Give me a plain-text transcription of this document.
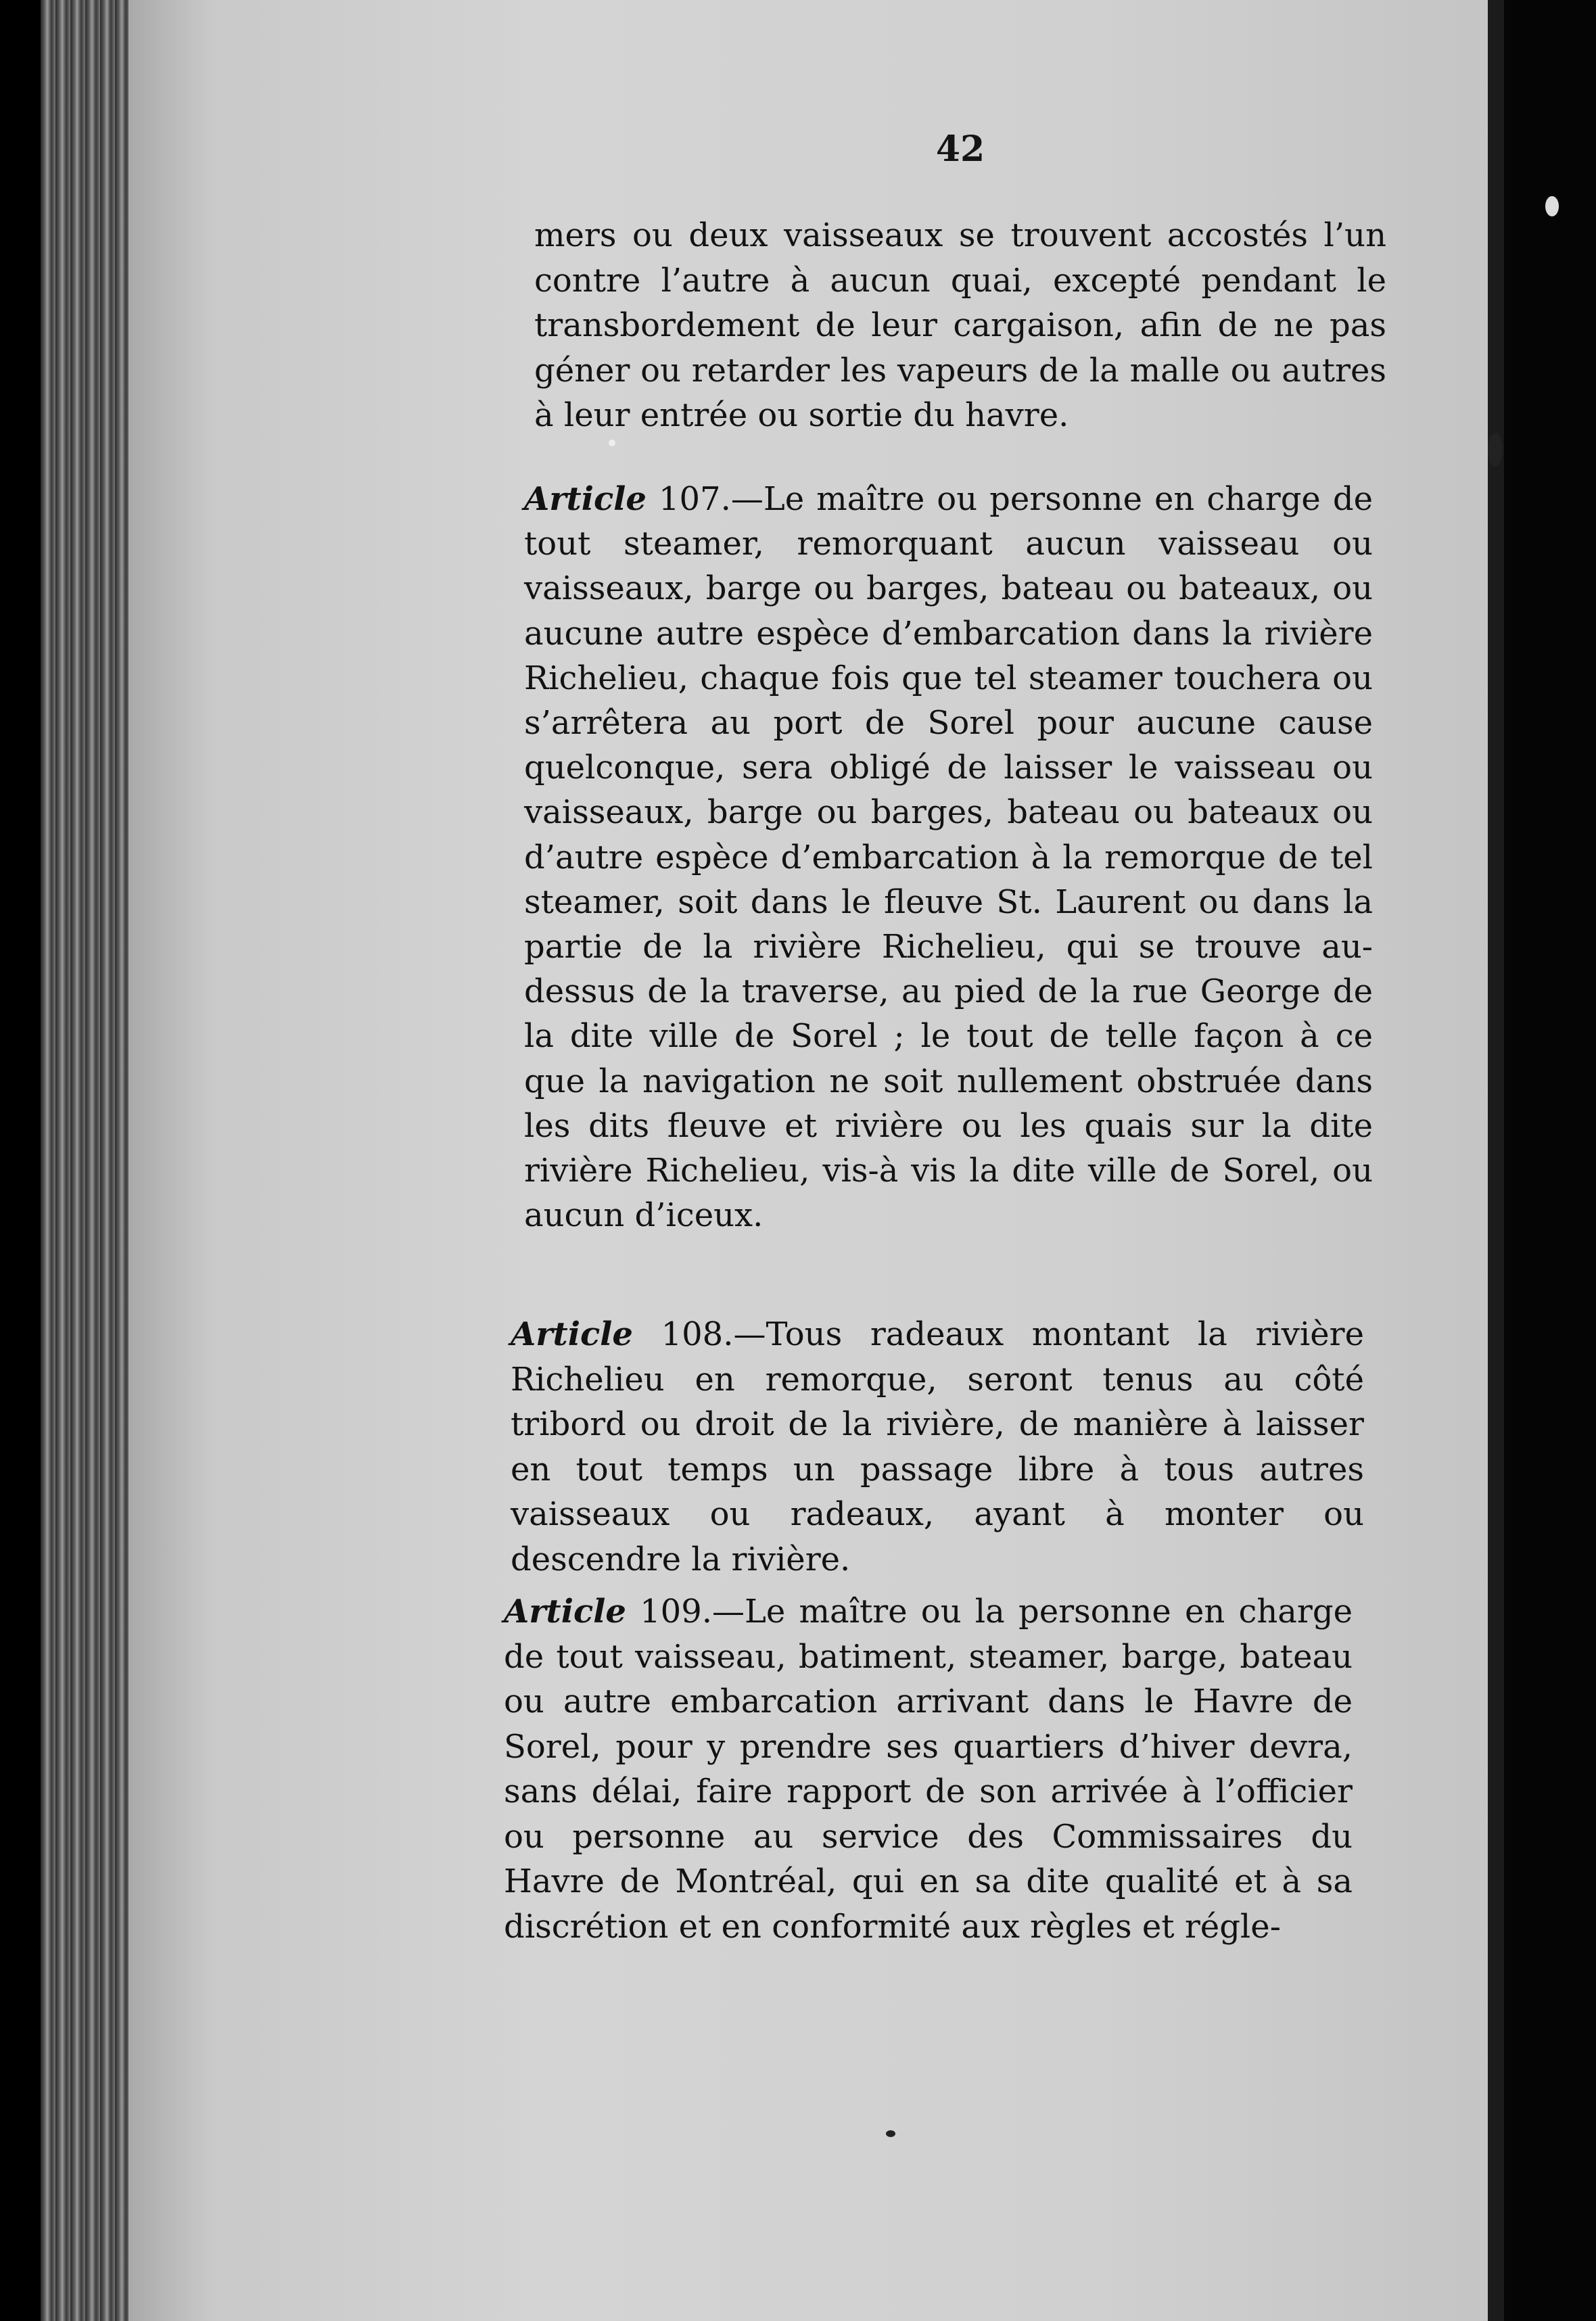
42

mers ou deux vaisseaux se trouvent accostés l’un contre l’autre à aucun quai, excepté pendant le transbordement de leur cargaison, afin de ne pas géner ou retarder les vapeurs de la malle ou autres à leur entrée ou sortie du havre.

Article 107.—Le maître ou personne en charge de tout steamer, remorquant aucun vaisseau ou vaisseaux, barge ou barges, bateau ou bateaux, ou aucune autre espèce d’embarcation dans la rivière Richelieu, chaque fois que tel steamer touchera ou s’arrêtera au port de Sorel pour aucune cause quelconque, sera obligé de laisser le vaisseau ou vaisseaux, barge ou barges, bateau ou bateaux ou d’autre espèce d’embarcation à la remorque de tel steamer, soit dans le fleuve St. Laurent ou dans la partie de la rivière Richelieu, qui se trouve au-dessus de la traverse, au pied de la rue George de la dite ville de Sorel ; le tout de telle façon à ce que la navigation ne soit nullement obstruée dans les dits fleuve et rivière ou les quais sur la dite rivière Richelieu, vis-à vis la dite ville de Sorel, ou aucun d’iceux.

Article 108.—Tous radeaux montant la rivière Richelieu en remorque, seront tenus au côté tribord ou droit de la rivière, de manière à laisser en tout temps un passage libre à tous autres vaisseaux ou radeaux, ayant à monter ou descendre la rivière.

Article 109.—Le maître ou la personne en charge de tout vaisseau, batiment, steamer, barge, bateau ou autre embarcation arrivant dans le Havre de Sorel, pour y prendre ses quartiers d’hiver devra, sans délai, faire rapport de son arrivée à l’officier ou personne au service des Commissaires du Havre de Montréal, qui en sa dite qualité et à sa discrétion et en conformité aux règles et régle-
